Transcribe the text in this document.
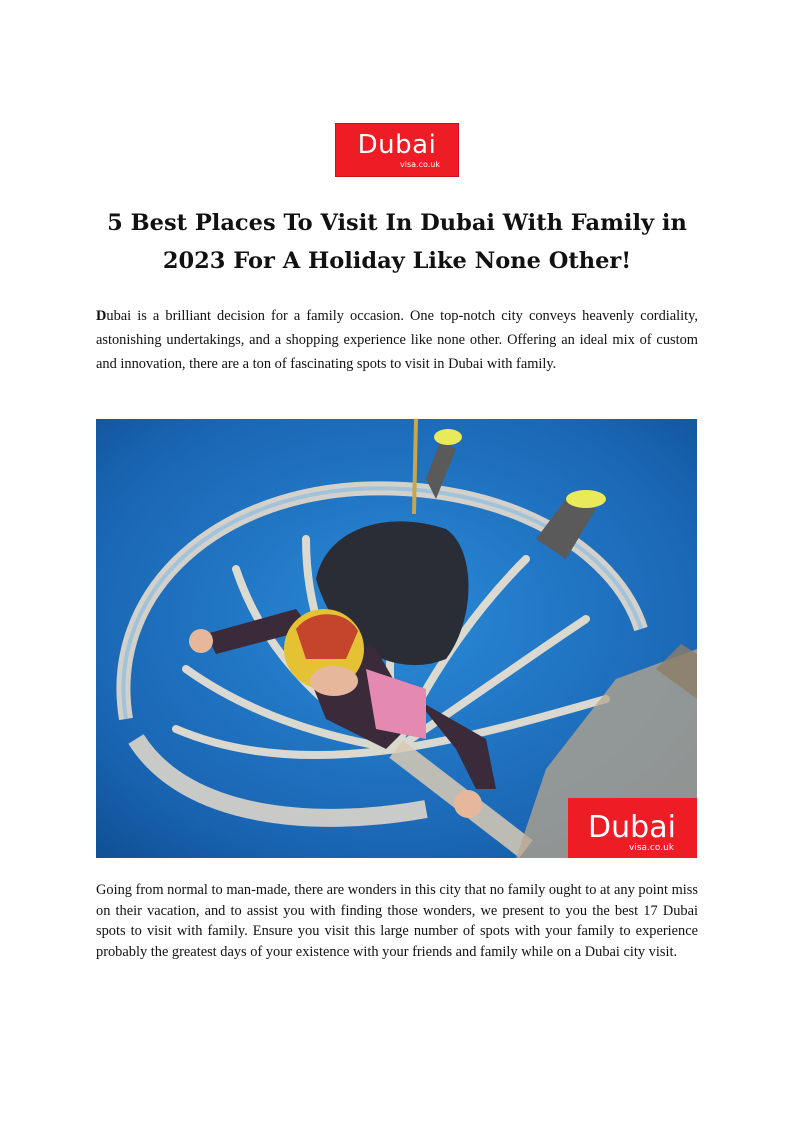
Dubai
visa.co.uk
5 Best Places To Visit In Dubai With Family in 2023 For A Holiday Like None Other!

Dubai is a brilliant decision for a family occasion. One top-notch city conveys heavenly cordiality, astonishing undertakings, and a shopping experience like none other. Offering an ideal mix of custom and innovation, there are a ton of fascinating spots to visit in Dubai with family.

Dubai
visa.co.uk

Going from normal to man-made, there are wonders in this city that no family ought to at any point miss on their vacation, and to assist you with finding those wonders, we present to you the best 17 Dubai spots to visit with family. Ensure you visit this large number of spots with your family to experience probably the greatest days of your existence with your friends and family while on a Dubai city visit.
